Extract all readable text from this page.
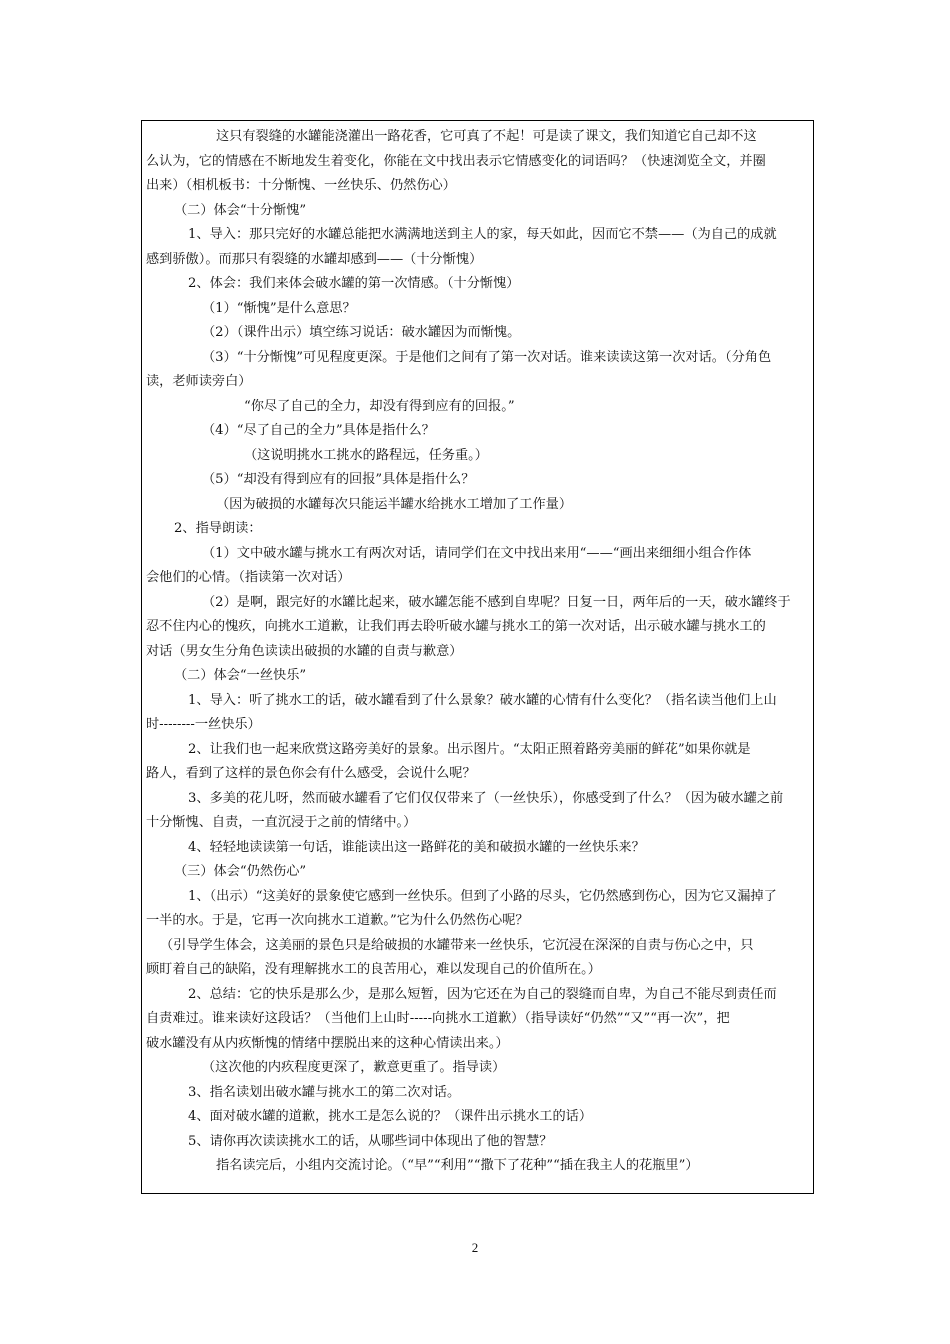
这只有裂缝的水罐能浇灌出一路花香，它可真了不起！可是读了课文，我们知道它自己却不这
么认为，它的情感在不断地发生着变化，你能在文中找出表示它情感变化的词语吗？（快速浏览全文，并圈
出来）（相机板书：十分惭愧、一丝快乐、仍然伤心）
（二）体会“十分惭愧”
1、导入：那只完好的水罐总能把水满满地送到主人的家，每天如此，因而它不禁——（为自己的成就
感到骄傲）。而那只有裂缝的水罐却感到——（十分惭愧）
2、体会：我们来体会破水罐的第一次情感。（十分惭愧）
（1）“惭愧”是什么意思？
（2）（课件出示）填空练习说话：破水罐因为而惭愧。
（3）“十分惭愧”可见程度更深。于是他们之间有了第一次对话。谁来读读这第一次对话。（分角色
读，老师读旁白）
“你尽了自己的全力，却没有得到应有的回报。”
（4）“尽了自己的全力”具体是指什么？
（这说明挑水工挑水的路程远，任务重。）
（5）“却没有得到应有的回报”具体是指什么？
（因为破损的水罐每次只能运半罐水给挑水工增加了工作量）
2、指导朗读：
（1）文中破水罐与挑水工有两次对话，请同学们在文中找出来用“——“画出来细细小组合作体
会他们的心情。（指读第一次对话）
（2）是啊，跟完好的水罐比起来，破水罐怎能不感到自卑呢？日复一日，两年后的一天，破水罐终于
忍不住内心的愧疚，向挑水工道歉，让我们再去聆听破水罐与挑水工的第一次对话，出示破水罐与挑水工的
对话（男女生分角色读读出破损的水罐的自责与歉意）
（二）体会“一丝快乐”
1、导入：听了挑水工的话，破水罐看到了什么景象？破水罐的心情有什么变化？（指名读当他们上山
时--------一丝快乐）
2、让我们也一起来欣赏这路旁美好的景象。出示图片。“太阳正照着路旁美丽的鲜花”如果你就是
路人，看到了这样的景色你会有什么感受，会说什么呢？
3、多美的花儿呀，然而破水罐看了它们仅仅带来了（一丝快乐），你感受到了什么？（因为破水罐之前
十分惭愧、自责，一直沉浸于之前的情绪中。）
4、轻轻地读读第一句话，谁能读出这一路鲜花的美和破损水罐的一丝快乐来？
（三）体会“仍然伤心”
1、（出示）“这美好的景象使它感到一丝快乐。但到了小路的尽头，它仍然感到伤心，因为它又漏掉了
一半的水。于是，它再一次向挑水工道歉。”它为什么仍然伤心呢？
（引导学生体会，这美丽的景色只是给破损的水罐带来一丝快乐，它沉浸在深深的自责与伤心之中，只
顾盯着自己的缺陷，没有理解挑水工的良苦用心，难以发现自己的价值所在。）
2、总结：它的快乐是那么少，是那么短暂，因为它还在为自己的裂缝而自卑，为自己不能尽到责任而
自责难过。谁来读好这段话？（当他们上山时-----向挑水工道歉）（指导读好“仍然”“又”“再一次”，把
破水罐没有从内疚惭愧的情绪中摆脱出来的这种心情读出来。）
（这次他的内疚程度更深了，歉意更重了。指导读）
3、指名读划出破水罐与挑水工的第二次对话。
4、面对破水罐的道歉，挑水工是怎么说的？（课件出示挑水工的话）
5、请你再次读读挑水工的话，从哪些词中体现出了他的智慧？
指名读完后，小组内交流讨论。（“早”“利用”“撒下了花种”“插在我主人的花瓶里”）
2
